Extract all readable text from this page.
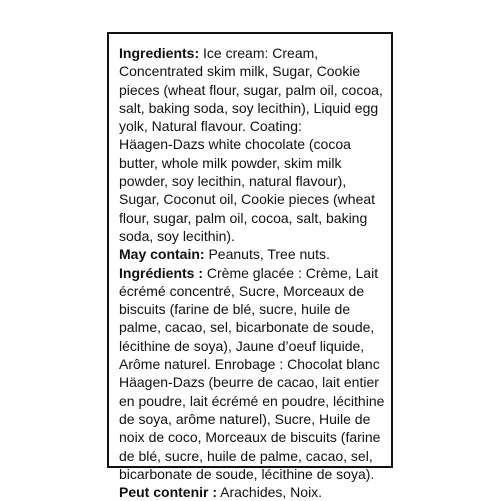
Ingredients: Ice cream: Cream,
Concentrated skim milk, Sugar, Cookie
pieces (wheat flour, sugar, palm oil, cocoa,
salt, baking soda, soy lecithin), Liquid egg
yolk, Natural flavour. Coating:
Häagen-Dazs white chocolate (cocoa
butter, whole milk powder, skim milk
powder, soy lecithin, natural flavour),
Sugar, Coconut oil, Cookie pieces (wheat
flour, sugar, palm oil, cocoa, salt, baking
soda, soy lecithin).
May contain: Peanuts, Tree nuts.
Ingrédients : Crème glacée : Crème, Lait
écrémé concentré, Sucre, Morceaux de
biscuits (farine de blé, sucre, huile de
palme, cacao, sel, bicarbonate de soude,
lécithine de soya), Jaune d’oeuf liquide,
Arôme naturel. Enrobage : Chocolat blanc
Häagen-Dazs (beurre de cacao, lait entier
en poudre, lait écrémé en poudre, lécithine
de soya, arôme naturel), Sucre, Huile de
noix de coco, Morceaux de biscuits (farine
de blé, sucre, huile de palme, cacao, sel,
bicarbonate de soude, lécithine de soya).
Peut contenir : Arachides, Noix.
